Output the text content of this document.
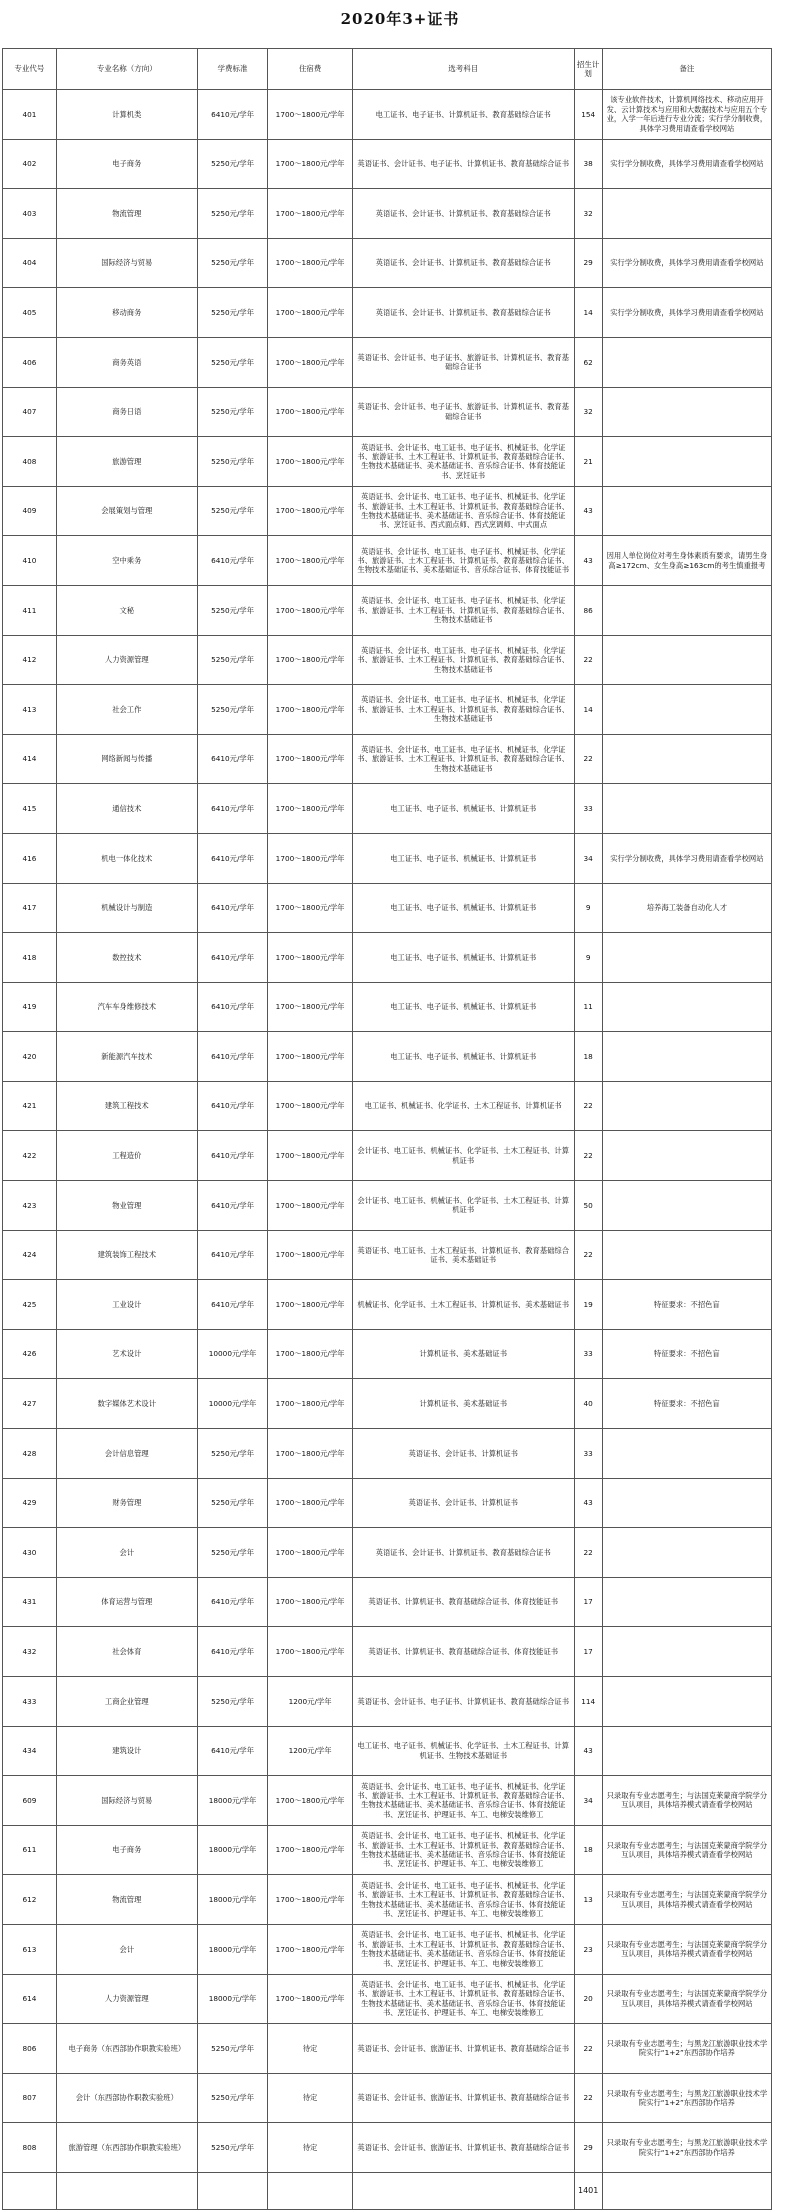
2020年3+证书
专业代号	专业名称（方向）	学费标准	住宿费	选考科目	招生计划	备注
401	计算机类	6410元/学年	1700～1800元/学年	电工证书、电子证书、计算机证书、教育基础综合证书	154	该专业软件技术，计算机网络技术、移动应用开发、云计算技术与应用和大数据技术与应用五个专业，入学一年后进行专业分流；实行学分制收费，具体学习费用请查看学校网站
402	电子商务	5250元/学年	1700～1800元/学年	英语证书、会计证书、电子证书、计算机证书、教育基础综合证书	38	实行学分制收费，具体学习费用请查看学校网站
403	物流管理	5250元/学年	1700～1800元/学年	英语证书、会计证书、计算机证书、教育基础综合证书	32	
404	国际经济与贸易	5250元/学年	1700～1800元/学年	英语证书、会计证书、计算机证书、教育基础综合证书	29	实行学分制收费，具体学习费用请查看学校网站
405	移动商务	5250元/学年	1700～1800元/学年	英语证书、会计证书、计算机证书、教育基础综合证书	14	实行学分制收费，具体学习费用请查看学校网站
406	商务英语	5250元/学年	1700～1800元/学年	英语证书、会计证书、电子证书、旅游证书、计算机证书、教育基础综合证书	62	
407	商务日语	5250元/学年	1700～1800元/学年	英语证书、会计证书、电子证书、旅游证书、计算机证书、教育基础综合证书	32	
408	旅游管理	5250元/学年	1700～1800元/学年	英语证书、会计证书、电工证书、电子证书、机械证书、化学证书、旅游证书、土木工程证书、计算机证书、教育基础综合证书、生物技术基础证书、美术基础证书、音乐综合证书、体育技能证书、烹饪证书	21	
409	会展策划与管理	5250元/学年	1700～1800元/学年	英语证书、会计证书、电工证书、电子证书、机械证书、化学证书、旅游证书、土木工程证书、计算机证书、教育基础综合证书、生物技术基础证书、美术基础证书、音乐综合证书、体育技能证书、烹饪证书、西式面点师、西式烹调师、中式面点	43	
410	空中乘务	6410元/学年	1700～1800元/学年	英语证书、会计证书、电工证书、电子证书、机械证书、化学证书、旅游证书、土木工程证书、计算机证书、教育基础综合证书、生物技术基础证书、美术基础证书、音乐综合证书、体育技能证书	43	因用人单位岗位对考生身体素质有要求，请男生身高≥172cm、女生身高≥163cm的考生慎重报考
411	文秘	5250元/学年	1700～1800元/学年	英语证书、会计证书、电工证书、电子证书、机械证书、化学证书、旅游证书、土木工程证书、计算机证书、教育基础综合证书、生物技术基础证书	86	
412	人力资源管理	5250元/学年	1700～1800元/学年	英语证书、会计证书、电工证书、电子证书、机械证书、化学证书、旅游证书、土木工程证书、计算机证书、教育基础综合证书、生物技术基础证书	22	
413	社会工作	5250元/学年	1700～1800元/学年	英语证书、会计证书、电工证书、电子证书、机械证书、化学证书、旅游证书、土木工程证书、计算机证书、教育基础综合证书、生物技术基础证书	14	
414	网络新闻与传播	6410元/学年	1700～1800元/学年	英语证书、会计证书、电工证书、电子证书、机械证书、化学证书、旅游证书、土木工程证书、计算机证书、教育基础综合证书、生物技术基础证书	22	
415	通信技术	6410元/学年	1700～1800元/学年	电工证书、电子证书、机械证书、计算机证书	33	
416	机电一体化技术	6410元/学年	1700～1800元/学年	电工证书、电子证书、机械证书、计算机证书	34	实行学分制收费，具体学习费用请查看学校网站
417	机械设计与制造	6410元/学年	1700～1800元/学年	电工证书、电子证书、机械证书、计算机证书	9	培养海工装备自动化人才
418	数控技术	6410元/学年	1700～1800元/学年	电工证书、电子证书、机械证书、计算机证书	9	
419	汽车车身维修技术	6410元/学年	1700～1800元/学年	电工证书、电子证书、机械证书、计算机证书	11	
420	新能源汽车技术	6410元/学年	1700～1800元/学年	电工证书、电子证书、机械证书、计算机证书	18	
421	建筑工程技术	6410元/学年	1700～1800元/学年	电工证书、机械证书、化学证书、土木工程证书、计算机证书	22	
422	工程造价	6410元/学年	1700～1800元/学年	会计证书、电工证书、机械证书、化学证书、土木工程证书、计算机证书	22	
423	物业管理	6410元/学年	1700～1800元/学年	会计证书、电工证书、机械证书、化学证书、土木工程证书、计算机证书	50	
424	建筑装饰工程技术	6410元/学年	1700～1800元/学年	英语证书、电工证书、土木工程证书、计算机证书、教育基础综合证书、美术基础证书	22	
425	工业设计	6410元/学年	1700～1800元/学年	机械证书、化学证书、土木工程证书、计算机证书、美术基础证书	19	特征要求：不招色盲
426	艺术设计	10000元/学年	1700～1800元/学年	计算机证书、美术基础证书	33	特征要求：不招色盲
427	数字媒体艺术设计	10000元/学年	1700～1800元/学年	计算机证书、美术基础证书	40	特征要求：不招色盲
428	会计信息管理	5250元/学年	1700～1800元/学年	英语证书、会计证书、计算机证书	33	
429	财务管理	5250元/学年	1700～1800元/学年	英语证书、会计证书、计算机证书	43	
430	会计	5250元/学年	1700～1800元/学年	英语证书、会计证书、计算机证书、教育基础综合证书	22	
431	体育运营与管理	6410元/学年	1700～1800元/学年	英语证书、计算机证书、教育基础综合证书、体育技能证书	17	
432	社会体育	6410元/学年	1700～1800元/学年	英语证书、计算机证书、教育基础综合证书、体育技能证书	17	
433	工商企业管理	5250元/学年	1200元/学年	英语证书、会计证书、电子证书、计算机证书、教育基础综合证书	114	
434	建筑设计	6410元/学年	1200元/学年	电工证书、电子证书、机械证书、化学证书、土木工程证书、计算机证书、生物技术基础证书	43	
609	国际经济与贸易	18000元/学年	1700～1800元/学年	英语证书、会计证书、电工证书、电子证书、机械证书、化学证书、旅游证书、土木工程证书、计算机证书、教育基础综合证书、生物技术基础证书、美术基础证书、音乐综合证书、体育技能证书、烹饪证书、护理证书、车工、电梯安装维修工	34	只录取有专业志愿考生；与法国克莱蒙商学院学分互认项目，具体培养模式请查看学校网站
611	电子商务	18000元/学年	1700～1800元/学年	英语证书、会计证书、电工证书、电子证书、机械证书、化学证书、旅游证书、土木工程证书、计算机证书、教育基础综合证书、生物技术基础证书、美术基础证书、音乐综合证书、体育技能证书、烹饪证书、护理证书、车工、电梯安装维修工	18	只录取有专业志愿考生；与法国克莱蒙商学院学分互认项目，具体培养模式请查看学校网站
612	物流管理	18000元/学年	1700～1800元/学年	英语证书、会计证书、电工证书、电子证书、机械证书、化学证书、旅游证书、土木工程证书、计算机证书、教育基础综合证书、生物技术基础证书、美术基础证书、音乐综合证书、体育技能证书、烹饪证书、护理证书、车工、电梯安装维修工	13	只录取有专业志愿考生；与法国克莱蒙商学院学分互认项目，具体培养模式请查看学校网站
613	会计	18000元/学年	1700～1800元/学年	英语证书、会计证书、电工证书、电子证书、机械证书、化学证书、旅游证书、土木工程证书、计算机证书、教育基础综合证书、生物技术基础证书、美术基础证书、音乐综合证书、体育技能证书、烹饪证书、护理证书、车工、电梯安装维修工	23	只录取有专业志愿考生；与法国克莱蒙商学院学分互认项目，具体培养模式请查看学校网站
614	人力资源管理	18000元/学年	1700～1800元/学年	英语证书、会计证书、电工证书、电子证书、机械证书、化学证书、旅游证书、土木工程证书、计算机证书、教育基础综合证书、生物技术基础证书、美术基础证书、音乐综合证书、体育技能证书、烹饪证书、护理证书、车工、电梯安装维修工	20	只录取有专业志愿考生；与法国克莱蒙商学院学分互认项目，具体培养模式请查看学校网站
806	电子商务（东西部协作职教实验班）	5250元/学年	待定	英语证书、会计证书、旅游证书、计算机证书、教育基础综合证书	22	只录取有专业志愿考生；与黑龙江旅游职业技术学院实行“1+2”东西部协作培养
807	会计（东西部协作职教实验班）	5250元/学年	待定	英语证书、会计证书、旅游证书、计算机证书、教育基础综合证书	22	只录取有专业志愿考生；与黑龙江旅游职业技术学院实行“1+2”东西部协作培养
808	旅游管理（东西部协作职教实验班）	5250元/学年	待定	英语证书、会计证书、旅游证书、计算机证书、教育基础综合证书	29	只录取有专业志愿考生；与黑龙江旅游职业技术学院实行“1+2”东西部协作培养
					1401	
